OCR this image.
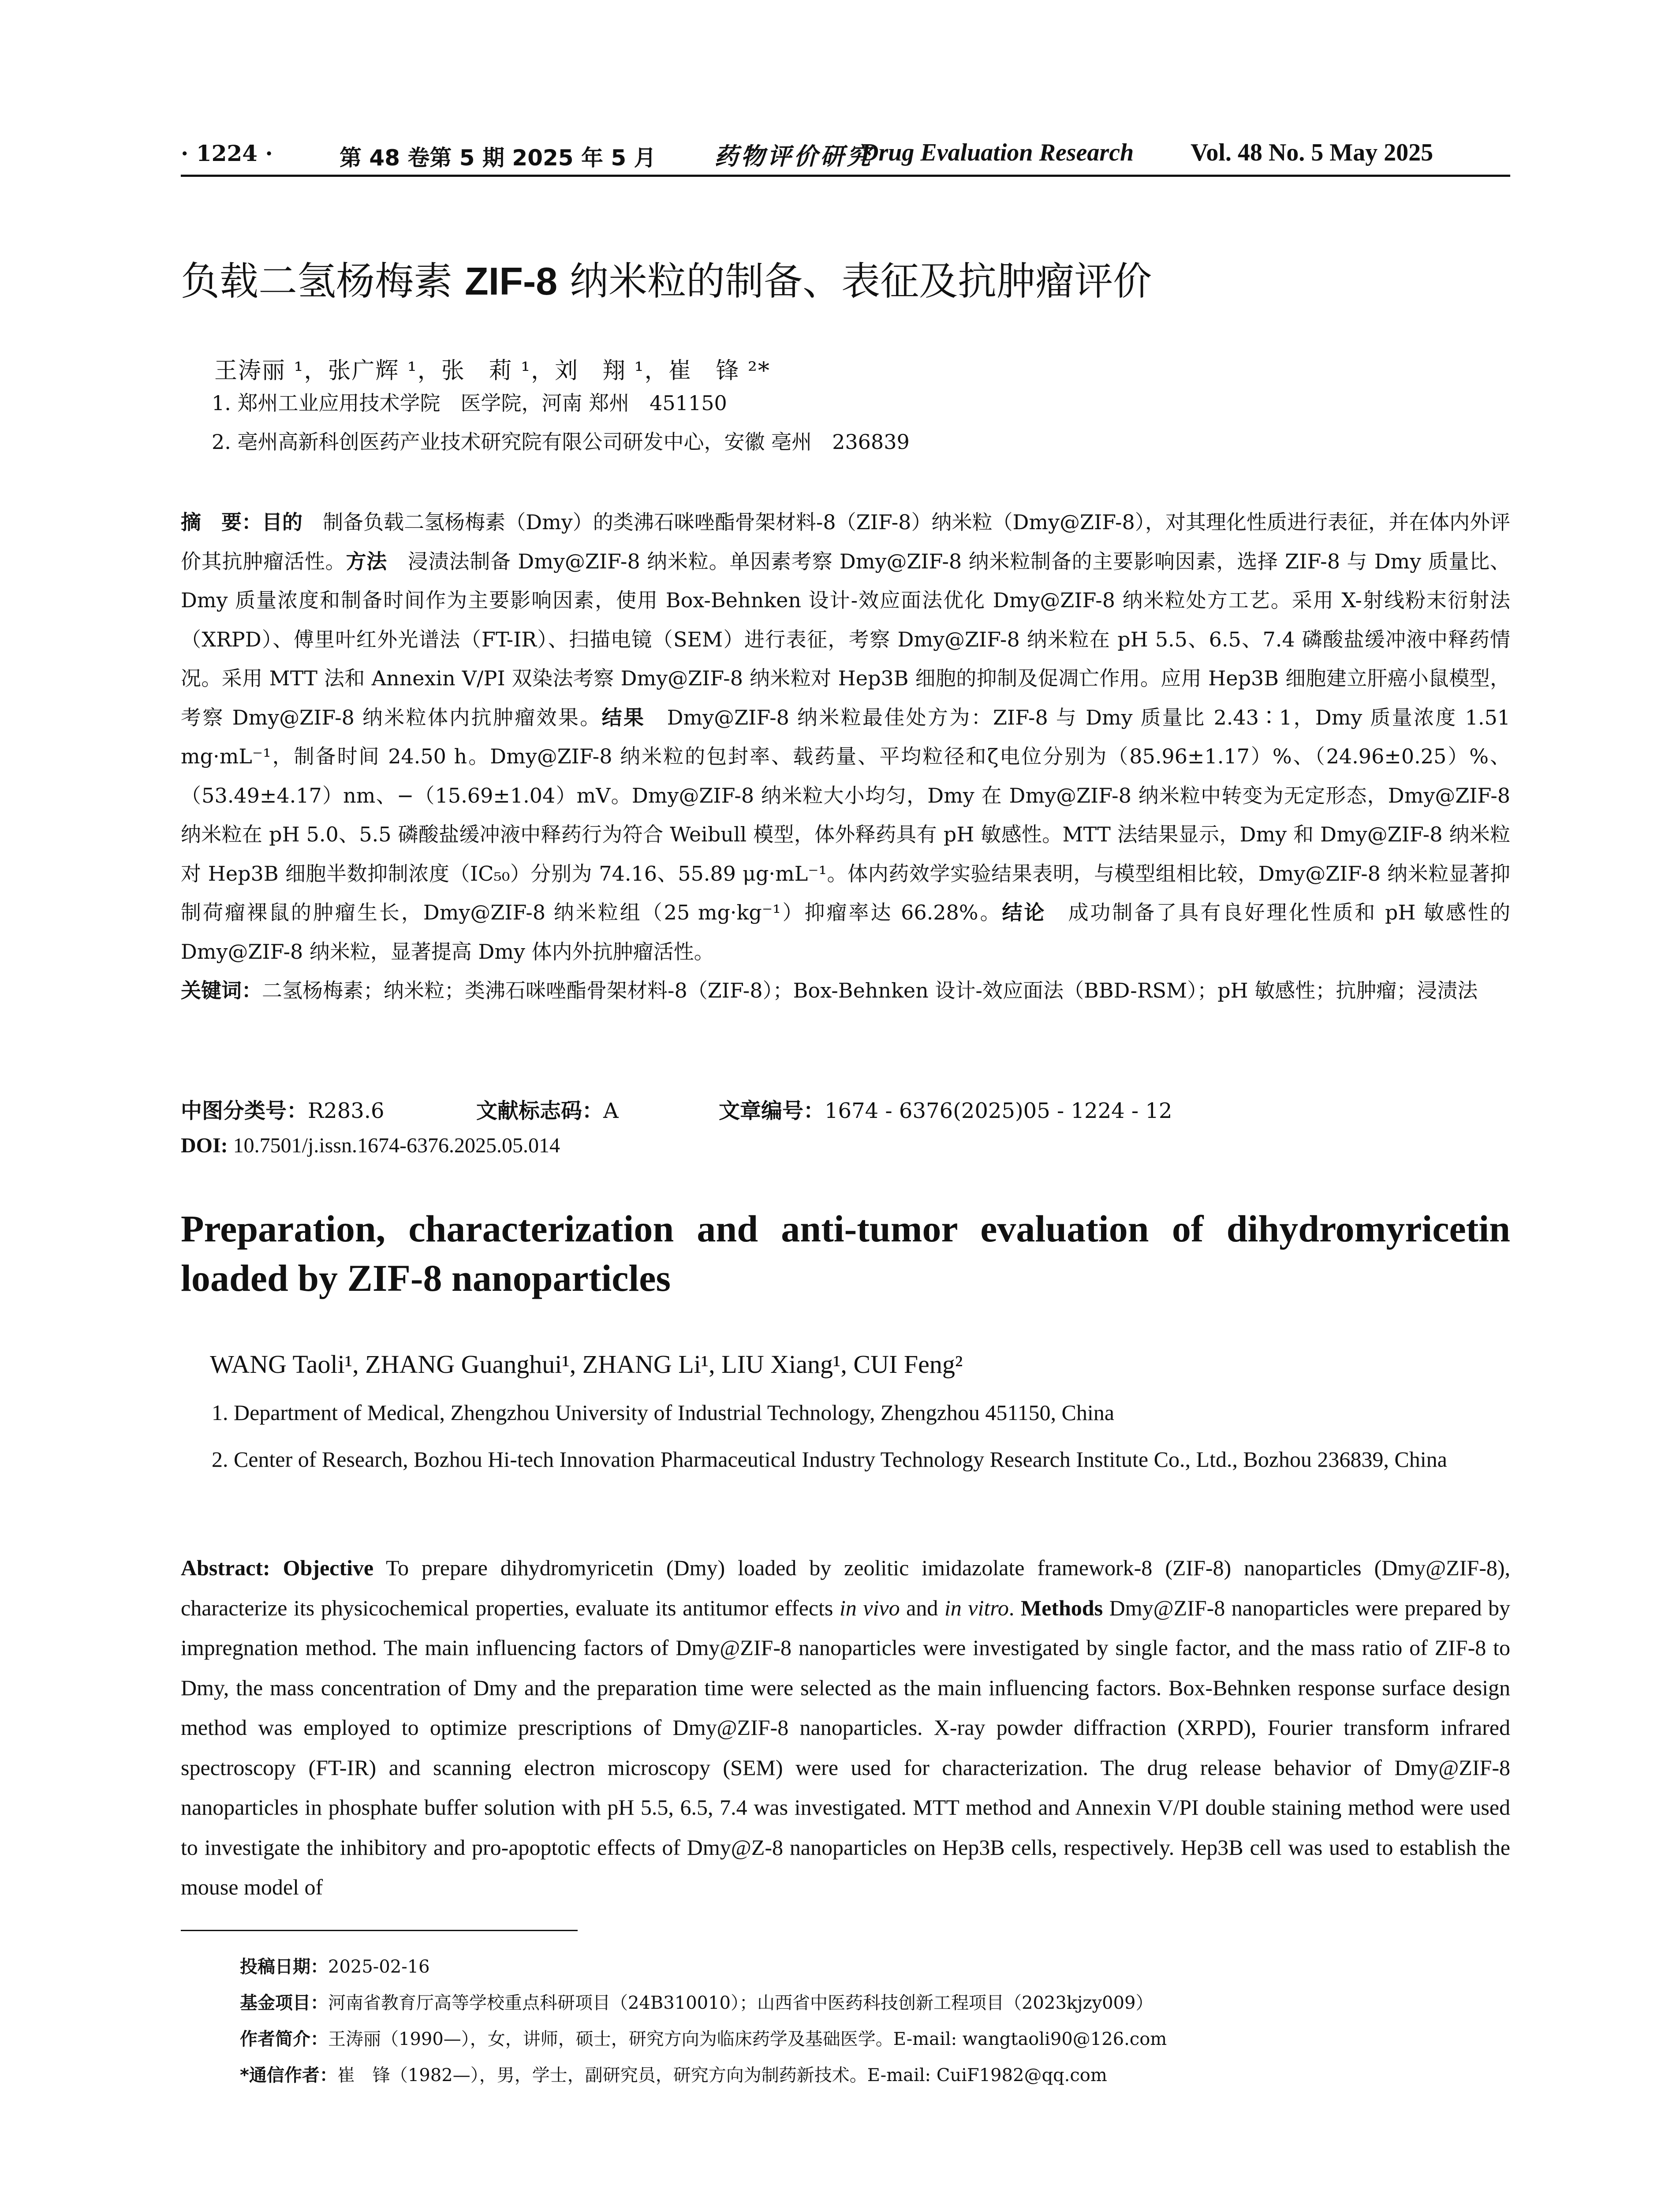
· 1224 ·	第 48 卷第 5 期 2025 年 5 月 药物评价研究
Drug Evaluation Research Vol. 48 No. 5 May 2025
负载二氢杨梅素 ZIF-8 纳米粒的制备、表征及抗肿瘤评价
王涛丽 ¹，张广辉 ¹，张　莉 ¹，刘　翔 ¹，崔　锋 ²*
1. 郑州工业应用技术学院　医学院，河南 郑州　451150
2. 亳州高新科创医药产业技术研究院有限公司研发中心，安徽 亳州　236839

摘　要：目的　制备负载二氢杨梅素（Dmy）的类沸石咪唑酯骨架材料-8（ZIF-8）纳米粒（Dmy@ZIF-8），对其理化性质进行表征，并在体内外评价其抗肿瘤活性。方法　浸渍法制备 Dmy@ZIF-8 纳米粒。单因素考察 Dmy@ZIF-8 纳米粒制备的主要影响因素，选择 ZIF-8 与 Dmy 质量比、Dmy 质量浓度和制备时间作为主要影响因素，使用 Box-Behnken 设计-效应面法优化 Dmy@ZIF-8 纳米粒处方工艺。采用 X-射线粉末衍射法（XRPD）、傅里叶红外光谱法（FT-IR）、扫描电镜（SEM）进行表征，考察 Dmy@ZIF-8 纳米粒在 pH 5.5、6.5、7.4 磷酸盐缓冲液中释药情况。采用 MTT 法和 Annexin V/PI 双染法考察 Dmy@ZIF-8 纳米粒对 Hep3B 细胞的抑制及促凋亡作用。应用 Hep3B 细胞建立肝癌小鼠模型，考察 Dmy@ZIF-8 纳米粒体内抗肿瘤效果。结果　Dmy@ZIF-8 纳米粒最佳处方为：ZIF-8 与 Dmy 质量比 2.43∶1，Dmy 质量浓度 1.51 mg·mL⁻¹，制备时间 24.50 h。Dmy@ZIF-8 纳米粒的包封率、载药量、平均粒径和ζ电位分别为（85.96±1.17）%、（24.96±0.25）%、（53.49±4.17）nm、−（15.69±1.04）mV。Dmy@ZIF-8 纳米粒大小均匀，Dmy 在 Dmy@ZIF-8 纳米粒中转变为无定形态，Dmy@ZIF-8 纳米粒在 pH 5.0、5.5 磷酸盐缓冲液中释药行为符合 Weibull 模型，体外释药具有 pH 敏感性。MTT 法结果显示，Dmy 和 Dmy@ZIF-8 纳米粒对 Hep3B 细胞半数抑制浓度（IC₅₀）分别为 74.16、55.89 μg·mL⁻¹。体内药效学实验结果表明，与模型组相比较，Dmy@ZIF-8 纳米粒显著抑制荷瘤裸鼠的肿瘤生长，Dmy@ZIF-8 纳米粒组（25 mg·kg⁻¹）抑瘤率达 66.28%。结论　成功制备了具有良好理化性质和 pH 敏感性的 Dmy@ZIF-8 纳米粒，显著提高 Dmy 体内外抗肿瘤活性。

关键词：二氢杨梅素；纳米粒；类沸石咪唑酯骨架材料-8（ZIF-8）；Box-Behnken 设计-效应面法（BBD-RSM）；pH 敏感性；抗肿瘤；浸渍法

中图分类号：R283.6	文献标志码：A	文章编号：1674 - 6376(2025)05 - 1224 - 12
DOI: 10.7501/j.issn.1674-6376.2025.05.014
Preparation, characterization and anti-tumor evaluation of dihydromyricetin loaded by ZIF-8 nanoparticles
WANG Taoli¹, ZHANG Guanghui¹, ZHANG Li¹, LIU Xiang¹, CUI Feng²
1. Department of Medical, Zhengzhou University of Industrial Technology, Zhengzhou 451150, China
2. Center of Research, Bozhou Hi-tech Innovation Pharmaceutical Industry Technology Research Institute Co., Ltd., Bozhou 236839, China

Abstract: Objective To prepare dihydromyricetin (Dmy) loaded by zeolitic imidazolate framework-8 (ZIF-8) nanoparticles (Dmy@ZIF-8), characterize its physicochemical properties, evaluate its antitumor effects in vivo and in vitro. Methods Dmy@ZIF-8 nanoparticles were prepared by impregnation method. The main influencing factors of Dmy@ZIF-8 nanoparticles were investigated by single factor, and the mass ratio of ZIF-8 to Dmy, the mass concentration of Dmy and the preparation time were selected as the main influencing factors. Box-Behnken response surface design method was employed to optimize prescriptions of Dmy@ZIF-8 nanoparticles. X-ray powder diffraction (XRPD), Fourier transform infrared spectroscopy (FT-IR) and scanning electron microscopy (SEM) were used for characterization. The drug release behavior of Dmy@ZIF-8 nanoparticles in phosphate buffer solution with pH 5.5, 6.5, 7.4 was investigated. MTT method and Annexin V/PI double staining method were used to investigate the inhibitory and pro-apoptotic effects of Dmy@Z-8 nanoparticles on Hep3B cells, respectively. Hep3B cell was used to establish the mouse model of

投稿日期：2025-02-16
基金项目：河南省教育厅高等学校重点科研项目（24B310010）；山西省中医药科技创新工程项目（2023kjzy009）
作者简介：王涛丽（1990—），女，讲师，硕士，研究方向为临床药学及基础医学。E-mail: wangtaoli90@126.com
*通信作者：崔　锋（1982—），男，学士，副研究员，研究方向为制药新技术。E-mail: CuiF1982@qq.com
